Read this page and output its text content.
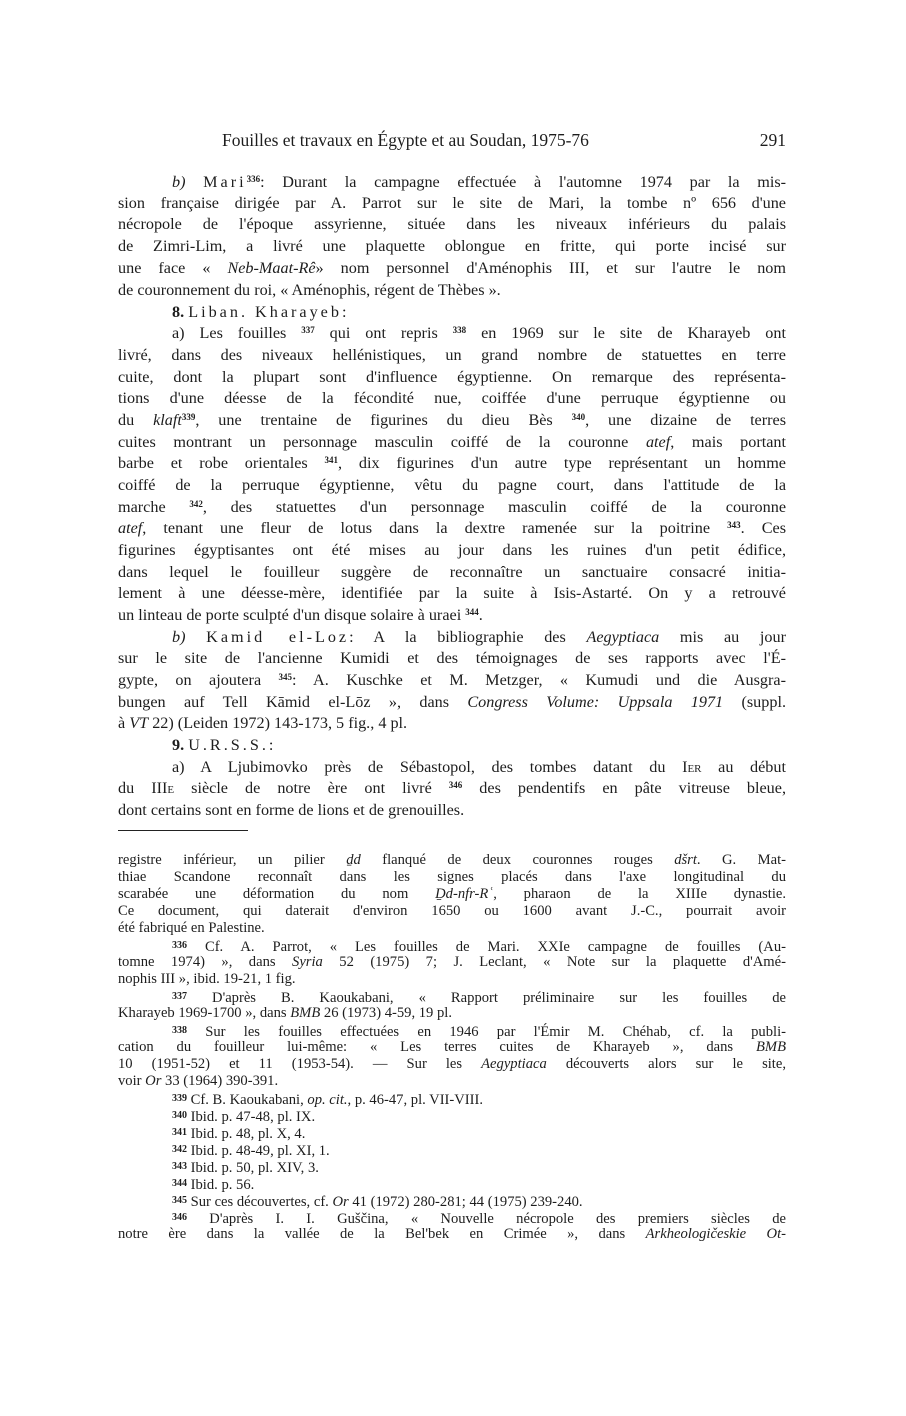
Fouilles et travaux en Égypte et au Soudan, 1975-76	291
b) Mari$^{336}$: Durant la campagne effectuée à l'automne 1974 par la mis-
sion française dirigée par A. Parrot sur le site de Mari, la tombe nº 656 d'une
nécropole de l'époque assyrienne, située dans les niveaux inférieurs du palais
de Zimri-Lim, a livré une plaquette oblongue en fritte, qui porte incisé sur
une face « Neb-Maat-Rê» nom personnel d'Aménophis III, et sur l'autre le nom
de couronnement du roi, « Aménophis, régent de Thèbes ».
8. Liban. Kharayeb:
a) Les fouilles $^{337}$ qui ont repris $^{338}$ en 1969 sur le site de Kharayeb ont
livré, dans des niveaux hellénistiques, un grand nombre de statuettes en terre
cuite, dont la plupart sont d'influence égyptienne. On remarque des représenta-
tions d'une déesse de la fécondité nue, coiffée d'une perruque égyptienne ou
du klaft$^{339}$, une trentaine de figurines du dieu Bès $^{340}$, une dizaine de terres
cuites montrant un personnage masculin coiffé de la couronne atef, mais portant
barbe et robe orientales $^{341}$, dix figurines d'un autre type représentant un homme
coiffé de la perruque égyptienne, vêtu du pagne court, dans l'attitude de la
marche $^{342}$, des statuettes d'un personnage masculin coiffé de la couronne
atef, tenant une fleur de lotus dans la dextre ramenée sur la poitrine $^{343}$. Ces
figurines égyptisantes ont été mises au jour dans les ruines d'un petit édifice,
dans lequel le fouilleur suggère de reconnaître un sanctuaire consacré initia-
lement à une déesse-mère, identifiée par la suite à Isis-Astarté. On y a retrouvé
un linteau de porte sculpté d'un disque solaire à uraei $^{344}$.
b) Kamid el-Loz: A la bibliographie des Aegyptiaca mis au jour
sur le site de l'ancienne Kumidi et des témoignages de ses rapports avec l'É-
gypte, on ajoutera $^{345}$: A. Kuschke et M. Metzger, « Kumudi und die Ausgra-
bungen auf Tell Kāmid el-Lōz », dans Congress Volume: Uppsala 1971 (suppl.
à VT 22) (Leiden 1972) 143-173, 5 fig., 4 pl.
9. U.R.S.S.:
a) A Ljubimovko près de Sébastopol, des tombes datant du Ier au début
du IIIe siècle de notre ère ont livré $^{346}$ des pendentifs en pâte vitreuse bleue,
dont certains sont en forme de lions et de grenouilles.
registre inférieur, un pilier ḏd flanqué de deux couronnes rouges dšrt. G. Mat-
thiae Scandone reconnaît dans les signes placés dans l'axe longitudinal du
scarabée une déformation du nom Ḏd-nfr-Rʿ, pharaon de la XIIIe dynastie.
Ce document, qui daterait d'environ 1650 ou 1600 avant J.-C., pourrait avoir
été fabriqué en Palestine.
$^{336}$ Cf. A. Parrot, « Les fouilles de Mari. XXIe campagne de fouilles (Au-
tomne 1974) », dans Syria 52 (1975) 7; J. Leclant, « Note sur la plaquette d'Amé-
nophis III », ibid. 19-21, 1 fig.
$^{337}$ D'après B. Kaoukabani, « Rapport préliminaire sur les fouilles de
Kharayeb 1969-1700 », dans BMB 26 (1973) 4-59, 19 pl.
$^{338}$ Sur les fouilles effectuées en 1946 par l'Émir M. Chéhab, cf. la publi-
cation du fouilleur lui-même: « Les terres cuites de Kharayeb », dans BMB
10 (1951-52) et 11 (1953-54). — Sur les Aegyptiaca découverts alors sur le site,
voir Or 33 (1964) 390-391.
$^{339}$ Cf. B. Kaoukabani, op. cit., p. 46-47, pl. VII-VIII.
$^{340}$ Ibid. p. 47-48, pl. IX.
$^{341}$ Ibid. p. 48, pl. X, 4.
$^{342}$ Ibid. p. 48-49, pl. XI, 1.
$^{343}$ Ibid. p. 50, pl. XIV, 3.
$^{344}$ Ibid. p. 56.
$^{345}$ Sur ces découvertes, cf. Or 41 (1972) 280-281; 44 (1975) 239-240.
$^{346}$ D'après I. I. Guščina, « Nouvelle nécropole des premiers siècles de
notre ère dans la vallée de la Bel'bek en Crimée », dans Arkheologičeskie Ot-
